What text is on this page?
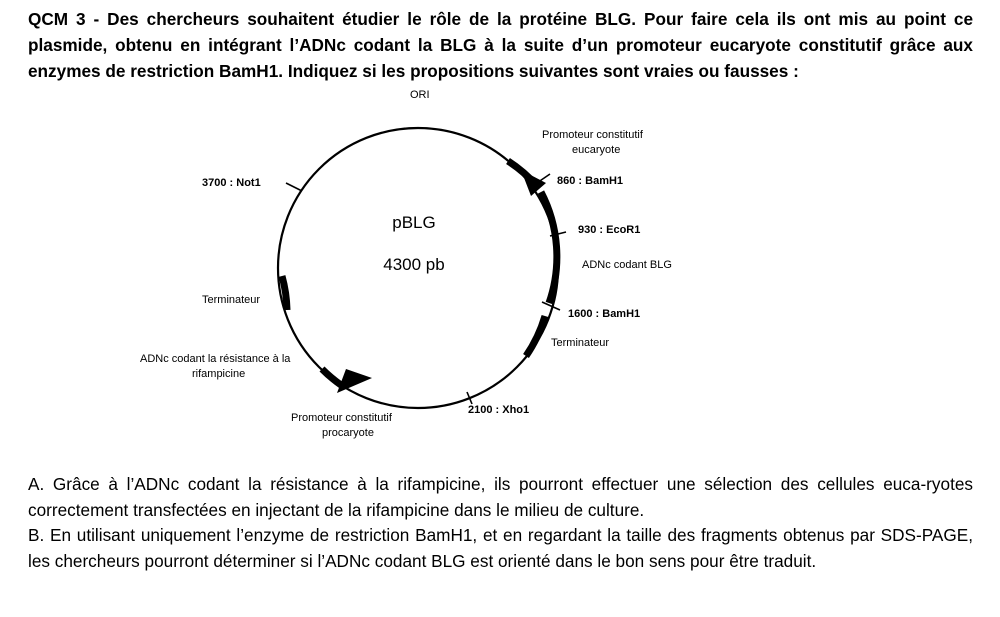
QCM 3 - Des chercheurs souhaitent étudier le rôle de la protéine BLG. Pour faire cela ils ont mis au point ce plasmide, obtenu en intégrant l’ADNc codant la BLG à la suite d’un promoteur eucaryote constitutif grâce aux enzymes de restriction BamH1. Indiquez si les propositions suivantes sont vraies ou fausses :

ORI
Promoteur constitutif
eucaryote
860 : BamH1
930 : EcoR1
ADNc codant BLG
1600 : BamH1
Terminateur
2100 : Xho1
Promoteur constitutif
procaryote
ADNc codant la résistance à la
rifampicine
Terminateur
3700 : Not1
pBLG
4300 pb

A. Grâce à l’ADNc codant la résistance à la rifampicine, ils pourront effectuer une sélection des cellules euca-ryotes correctement transfectées en injectant de la rifampicine dans le milieu de culture.

B. En utilisant uniquement l’enzyme de restriction BamH1, et en regardant la taille des fragments obtenus par SDS-PAGE, les chercheurs pourront déterminer si l’ADNc codant BLG est orienté dans le bon sens pour être traduit.
